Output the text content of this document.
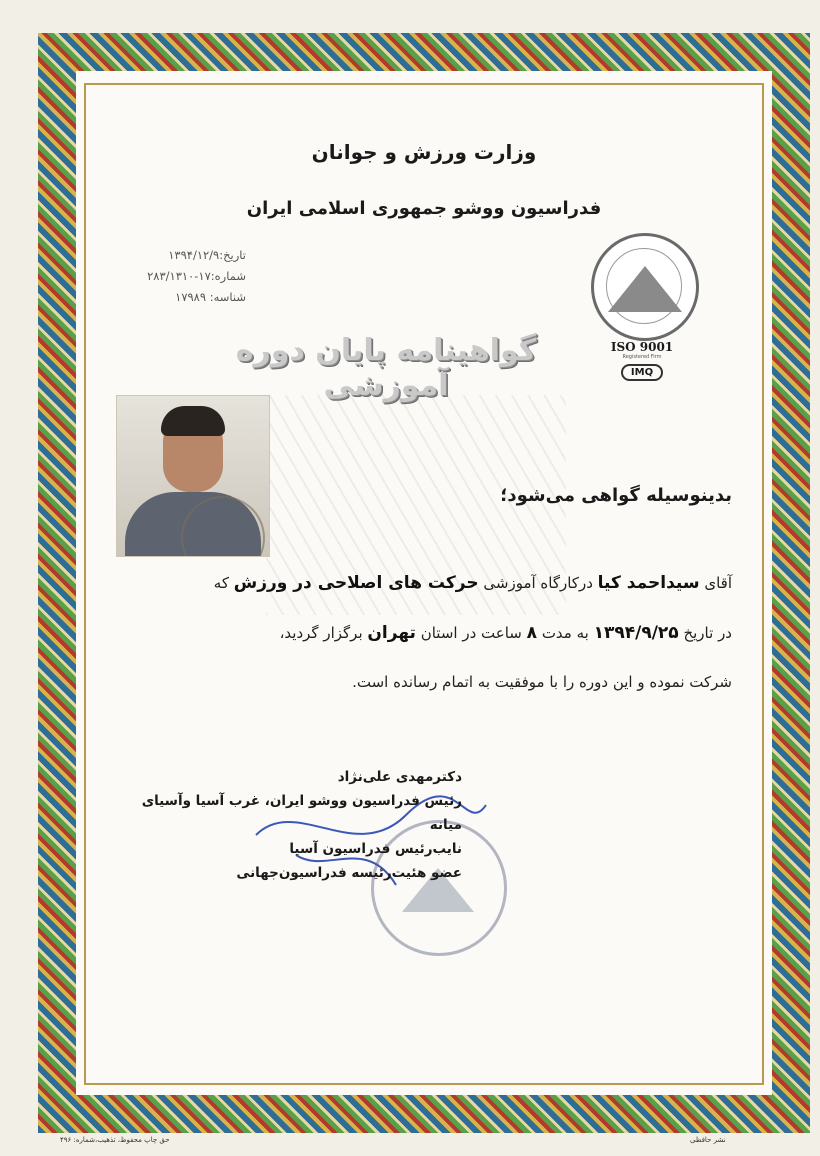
وزارت ورزش و جوانان
فدراسیون ووشو جمهوری اسلامی ایران
تاریخ:۱۳۹۴/۱۲/۹
شماره:۱۷-۲۸۳/۱۳۱۰
شناسه: ۱۷۹۸۹
ISO 9001
Registered Firm
IMQ
گواهینامه پایان دوره آموزشی
بدینوسیله گواهی می‌شود؛
آقای سیداحمد کیا درکارگاه آموزشی حرکت های اصلاحی در ورزش که
در تاریخ ۱۳۹۴/۹/۲۵ به مدت ۸ ساعت در استان تهران برگزار گردید،
شرکت نموده و این دوره را با موفقیت به اتمام رسانده است.
دکترمهدی علی‌نژاد
رئیس فدراسیون ووشو ایران، غرب آسیا وآسیای میانه
نایب‌رئیس فدراسیون آسیا
عضو هئیت‌رئیسه فدراسیون‌جهانی
حق چاپ محفوظ، تذهیب،شماره: ۴۹۶	نشر حافظی
